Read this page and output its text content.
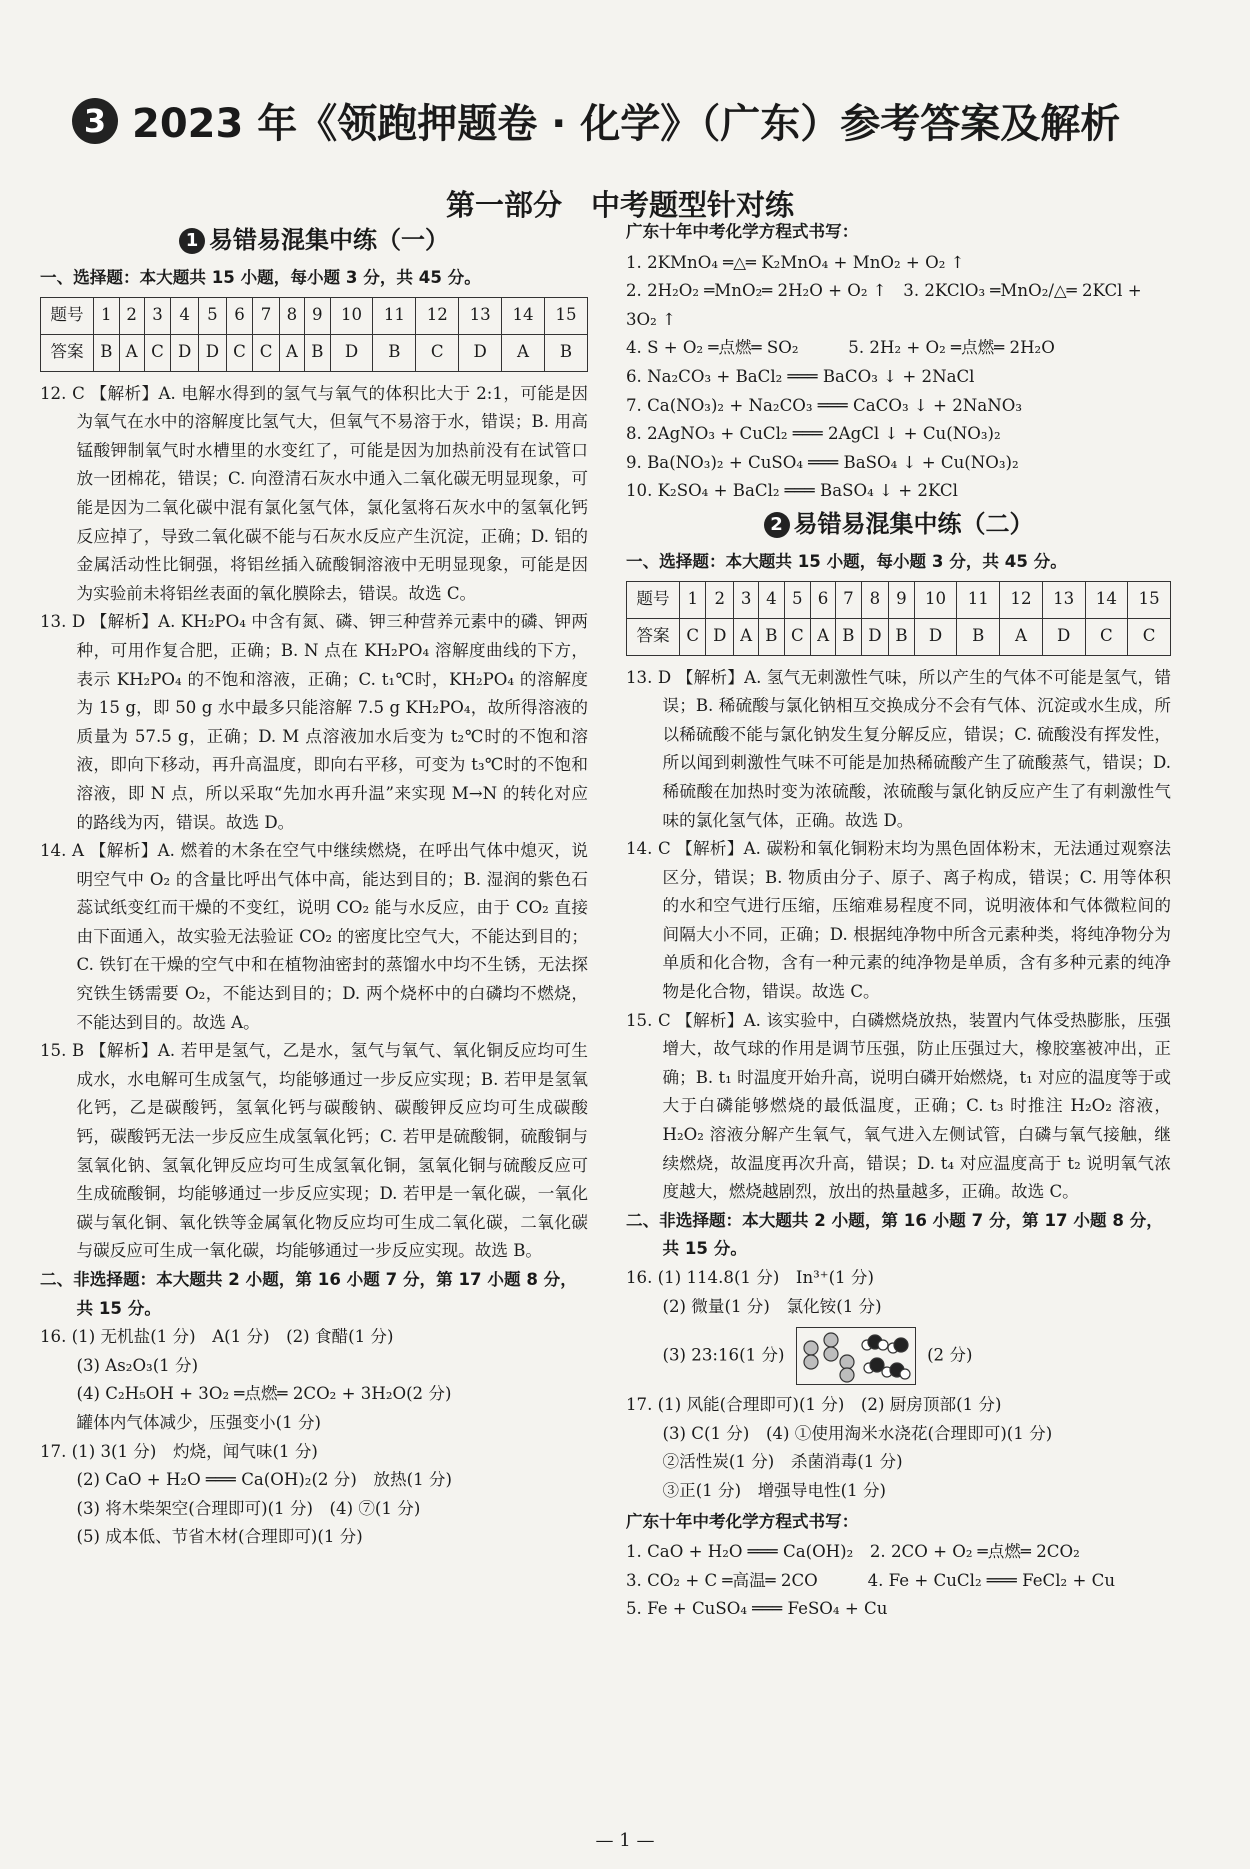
3 2023 年《领跑押题卷 · 化学》（广东）参考答案及解析
第一部分　中考题型针对练
1 易错易混集中练（一）
一、选择题：本大题共 15 小题，每小题 3 分，共 45 分。
题号	1	2	3	4	5	6	7	8	9	10	11	12	13	14	15
答案	B	A	C	D	D	C	C	A	B	D	B	C	D	A	B

12. C 【解析】A. 电解水得到的氢气与氧气的体积比大于 2:1，可能是因为氧气在水中的溶解度比氢气大，但氧气不易溶于水，错误；B. 用高锰酸钾制氧气时水槽里的水变红了，可能是因为加热前没有在试管口放一团棉花，错误；C. 向澄清石灰水中通入二氧化碳无明显现象，可能是因为二氧化碳中混有氯化氢气体，氯化氢将石灰水中的氢氧化钙反应掉了，导致二氧化碳不能与石灰水反应产生沉淀，正确；D. 铝的金属活动性比铜强，将铝丝插入硫酸铜溶液中无明显现象，可能是因为实验前未将铝丝表面的氧化膜除去，错误。故选 C。

13. D 【解析】A. KH₂PO₄ 中含有氮、磷、钾三种营养元素中的磷、钾两种，可用作复合肥，正确；B. N 点在 KH₂PO₄ 溶解度曲线的下方，表示 KH₂PO₄ 的不饱和溶液，正确；C. t₁℃时，KH₂PO₄ 的溶解度为 15 g，即 50 g 水中最多只能溶解 7.5 g KH₂PO₄，故所得溶液的质量为 57.5 g，正确；D. M 点溶液加水后变为 t₂℃时的不饱和溶液，即向下移动，再升高温度，即向右平移，可变为 t₃℃时的不饱和溶液，即 N 点，所以采取“先加水再升温”来实现 M→N 的转化对应的路线为丙，错误。故选 D。

14. A 【解析】A. 燃着的木条在空气中继续燃烧，在呼出气体中熄灭，说明空气中 O₂ 的含量比呼出气体中高，能达到目的；B. 湿润的紫色石蕊试纸变红而干燥的不变红，说明 CO₂ 能与水反应，由于 CO₂ 直接由下面通入，故实验无法验证 CO₂ 的密度比空气大，不能达到目的；C. 铁钉在干燥的空气中和在植物油密封的蒸馏水中均不生锈，无法探究铁生锈需要 O₂，不能达到目的；D. 两个烧杯中的白磷均不燃烧，不能达到目的。故选 A。

15. B 【解析】A. 若甲是氢气，乙是水，氢气与氧气、氧化铜反应均可生成水，水电解可生成氢气，均能够通过一步反应实现；B. 若甲是氢氧化钙，乙是碳酸钙，氢氧化钙与碳酸钠、碳酸钾反应均可生成碳酸钙，碳酸钙无法一步反应生成氢氧化钙；C. 若甲是硫酸铜，硫酸铜与氢氧化钠、氢氧化钾反应均可生成氢氧化铜，氢氧化铜与硫酸反应可生成硫酸铜，均能够通过一步反应实现；D. 若甲是一氧化碳，一氧化碳与氧化铜、氧化铁等金属氧化物反应均可生成二氧化碳，二氧化碳与碳反应可生成一氧化碳，均能够通过一步反应实现。故选 B。

二、非选择题：本大题共 2 小题，第 16 小题 7 分，第 17 小题 8 分，共 15 分。

16. (1) 无机盐(1 分)　A(1 分)　(2) 食醋(1 分)

(3) As₂O₃(1 分)

(4) C₂H₅OH + 3O₂ ═点燃═ 2CO₂ + 3H₂O(2 分)

罐体内气体减少，压强变小(1 分)

17. (1) 3(1 分)　灼烧，闻气味(1 分)

(2) CaO + H₂O ═══ Ca(OH)₂(2 分)　放热(1 分)

(3) 将木柴架空(合理即可)(1 分)　(4) ⑦(1 分)

(5) 成本低、节省木材(合理即可)(1 分)

广东十年中考化学方程式书写：

1. 2KMnO₄ ═△═ K₂MnO₄ + MnO₂ + O₂ ↑

2. 2H₂O₂ ═MnO₂═ 2H₂O + O₂ ↑　3. 2KClO₃ ═MnO₂/△═ 2KCl + 3O₂ ↑

4. S + O₂ ═点燃═ SO₂　　　5. 2H₂ + O₂ ═点燃═ 2H₂O

6. Na₂CO₃ + BaCl₂ ═══ BaCO₃ ↓ + 2NaCl

7. Ca(NO₃)₂ + Na₂CO₃ ═══ CaCO₃ ↓ + 2NaNO₃

8. 2AgNO₃ + CuCl₂ ═══ 2AgCl ↓ + Cu(NO₃)₂

9. Ba(NO₃)₂ + CuSO₄ ═══ BaSO₄ ↓ + Cu(NO₃)₂

10. K₂SO₄ + BaCl₂ ═══ BaSO₄ ↓ + 2KCl

2 易错易混集中练（二）
一、选择题：本大题共 15 小题，每小题 3 分，共 45 分。
题号	1	2	3	4	5	6	7	8	9	10	11	12	13	14	15
答案	C	D	A	B	C	A	B	D	B	D	B	A	D	C	C

13. D 【解析】A. 氢气无刺激性气味，所以产生的气体不可能是氢气，错误；B. 稀硫酸与氯化钠相互交换成分不会有气体、沉淀或水生成，所以稀硫酸不能与氯化钠发生复分解反应，错误；C. 硫酸没有挥发性，所以闻到刺激性气味不可能是加热稀硫酸产生了硫酸蒸气，错误；D. 稀硫酸在加热时变为浓硫酸，浓硫酸与氯化钠反应产生了有刺激性气味的氯化氢气体，正确。故选 D。

14. C 【解析】A. 碳粉和氧化铜粉末均为黑色固体粉末，无法通过观察法区分，错误；B. 物质由分子、原子、离子构成，错误；C. 用等体积的水和空气进行压缩，压缩难易程度不同，说明液体和气体微粒间的间隔大小不同，正确；D. 根据纯净物中所含元素种类，将纯净物分为单质和化合物，含有一种元素的纯净物是单质，含有多种元素的纯净物是化合物，错误。故选 C。

15. C 【解析】A. 该实验中，白磷燃烧放热，装置内气体受热膨胀，压强增大，故气球的作用是调节压强，防止压强过大，橡胶塞被冲出，正确；B. t₁ 时温度开始升高，说明白磷开始燃烧，t₁ 对应的温度等于或大于白磷能够燃烧的最低温度，正确；C. t₃ 时推注 H₂O₂ 溶液，H₂O₂ 溶液分解产生氧气，氧气进入左侧试管，白磷与氧气接触，继续燃烧，故温度再次升高，错误；D. t₄ 对应温度高于 t₂ 说明氧气浓度越大，燃烧越剧烈，放出的热量越多，正确。故选 C。

二、非选择题：本大题共 2 小题，第 16 小题 7 分，第 17 小题 8 分，共 15 分。

16. (1) 114.8(1 分)　In³⁺(1 分)

(2) 微量(1 分)　氯化铵(1 分)

(3) 23:16(1 分)	(2 分)

17. (1) 风能(合理即可)(1 分)　(2) 厨房顶部(1 分)

(3) C(1 分)　(4) ①使用淘米水浇花(合理即可)(1 分)

②活性炭(1 分)　杀菌消毒(1 分)

③正(1 分)　增强导电性(1 分)

广东十年中考化学方程式书写：

1. CaO + H₂O ═══ Ca(OH)₂　2. 2CO + O₂ ═点燃═ 2CO₂

3. CO₂ + C ═高温═ 2CO　　　4. Fe + CuCl₂ ═══ FeCl₂ + Cu

5. Fe + CuSO₄ ═══ FeSO₄ + Cu

— 1 —
